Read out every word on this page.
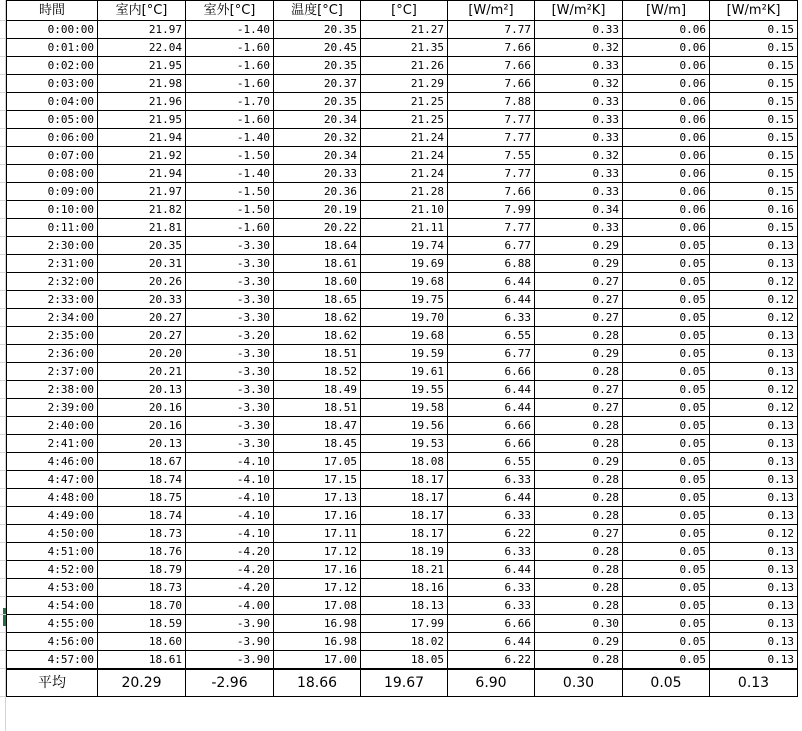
時間	室内[°C]	室外[°C]	温度[°C]	[°C]	[W/m²]	[W/m²K]	[W/m]	[W/m²K]
0:00:00	21.97	-1.40	20.35	21.27	7.77	0.33	0.06	0.15
0:01:00	22.04	-1.60	20.45	21.35	7.66	0.32	0.06	0.15
0:02:00	21.95	-1.60	20.35	21.26	7.66	0.33	0.06	0.15
0:03:00	21.98	-1.60	20.37	21.29	7.66	0.32	0.06	0.15
0:04:00	21.96	-1.70	20.35	21.25	7.88	0.33	0.06	0.15
0:05:00	21.95	-1.60	20.34	21.25	7.77	0.33	0.06	0.15
0:06:00	21.94	-1.40	20.32	21.24	7.77	0.33	0.06	0.15
0:07:00	21.92	-1.50	20.34	21.24	7.55	0.32	0.06	0.15
0:08:00	21.94	-1.40	20.33	21.24	7.77	0.33	0.06	0.15
0:09:00	21.97	-1.50	20.36	21.28	7.66	0.33	0.06	0.15
0:10:00	21.82	-1.50	20.19	21.10	7.99	0.34	0.06	0.16
0:11:00	21.81	-1.60	20.22	21.11	7.77	0.33	0.06	0.15
2:30:00	20.35	-3.30	18.64	19.74	6.77	0.29	0.05	0.13
2:31:00	20.31	-3.30	18.61	19.69	6.88	0.29	0.05	0.13
2:32:00	20.26	-3.30	18.60	19.68	6.44	0.27	0.05	0.12
2:33:00	20.33	-3.30	18.65	19.75	6.44	0.27	0.05	0.12
2:34:00	20.27	-3.30	18.62	19.70	6.33	0.27	0.05	0.12
2:35:00	20.27	-3.20	18.62	19.68	6.55	0.28	0.05	0.13
2:36:00	20.20	-3.30	18.51	19.59	6.77	0.29	0.05	0.13
2:37:00	20.21	-3.30	18.52	19.61	6.66	0.28	0.05	0.13
2:38:00	20.13	-3.30	18.49	19.55	6.44	0.27	0.05	0.12
2:39:00	20.16	-3.30	18.51	19.58	6.44	0.27	0.05	0.12
2:40:00	20.16	-3.30	18.47	19.56	6.66	0.28	0.05	0.13
2:41:00	20.13	-3.30	18.45	19.53	6.66	0.28	0.05	0.13
4:46:00	18.67	-4.10	17.05	18.08	6.55	0.29	0.05	0.13
4:47:00	18.74	-4.10	17.15	18.17	6.33	0.28	0.05	0.13
4:48:00	18.75	-4.10	17.13	18.17	6.44	0.28	0.05	0.13
4:49:00	18.74	-4.10	17.16	18.17	6.33	0.28	0.05	0.13
4:50:00	18.73	-4.10	17.11	18.17	6.22	0.27	0.05	0.12
4:51:00	18.76	-4.20	17.12	18.19	6.33	0.28	0.05	0.13
4:52:00	18.79	-4.20	17.16	18.21	6.44	0.28	0.05	0.13
4:53:00	18.73	-4.20	17.12	18.16	6.33	0.28	0.05	0.13
4:54:00	18.70	-4.00	17.08	18.13	6.33	0.28	0.05	0.13
4:55:00	18.59	-3.90	16.98	17.99	6.66	0.30	0.05	0.13
4:56:00	18.60	-3.90	16.98	18.02	6.44	0.29	0.05	0.13
4:57:00	18.61	-3.90	17.00	18.05	6.22	0.28	0.05	0.13
平均	20.29	-2.96	18.66	19.67	6.90	0.30	0.05	0.13
